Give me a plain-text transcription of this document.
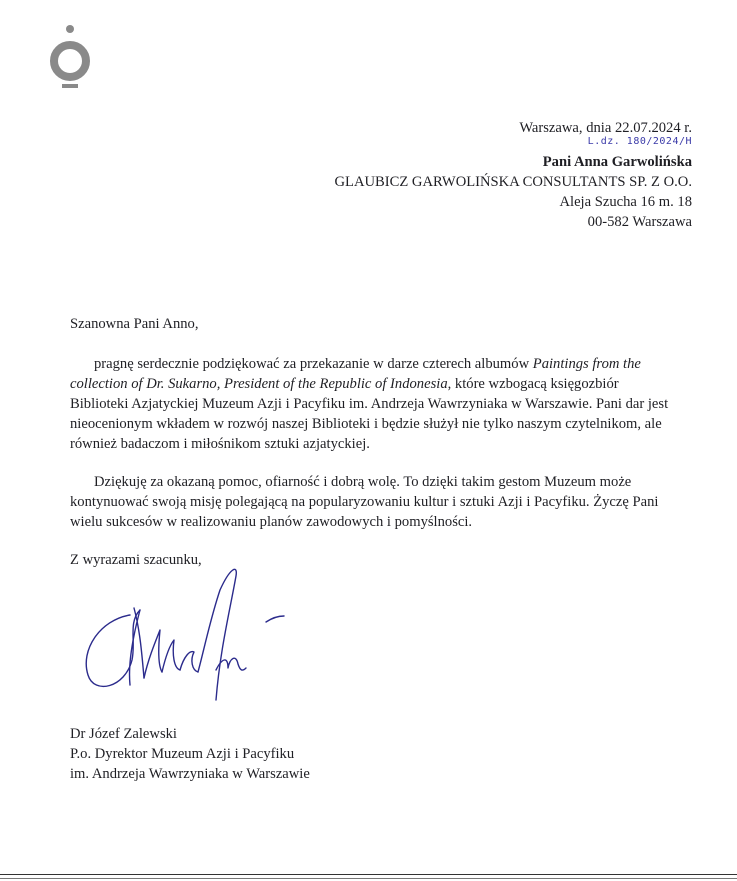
Warszawa, dnia 22.07.2024 r.
L.dz. 180/2024/H
Pani Anna Garwolińska
GLAUBICZ GARWOLIŃSKA CONSULTANTS SP. Z O.O.
Aleja Szucha 16 m. 18
00-582 Warszawa
Szanowna Pani Anno,
pragnę serdecznie podziękować za przekazanie w darze czterech albumów Paintings from the collection of Dr. Sukarno, President of the Republic of Indonesia, które wzbogacą księgozbiór Biblioteki Azjatyckiej Muzeum Azji i Pacyfiku im. Andrzeja Wawrzyniaka w Warszawie. Pani dar jest nieocenionym wkładem w rozwój naszej Biblioteki i będzie służył nie tylko naszym czytelnikom, ale również badaczom i miłośnikom sztuki azjatyckiej.
Dziękuję za okazaną pomoc, ofiarność i dobrą wolę. To dzięki takim gestom Muzeum może kontynuować swoją misję polegającą na popularyzowaniu kultur i sztuki Azji i Pacyfiku. Życzę Pani wielu sukcesów w realizowaniu planów zawodowych i pomyślności.
Z wyrazami szacunku,
Dr Józef Zalewski
P.o. Dyrektor Muzeum Azji i Pacyfiku
im. Andrzeja Wawrzyniaka w Warszawie
